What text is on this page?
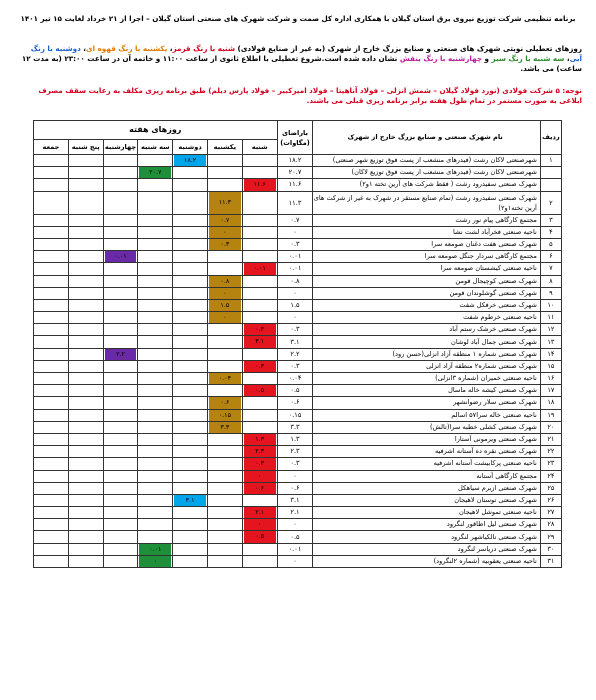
برنامه تنظیمی شرکت توزیع نیروی برق استان گیلان با همکاری اداره کل صمت و شرکت شهرک های صنعتی استان گیلان – اجرا از ۲۱ خرداد لغایت ۱۵ تیر ۱۴۰۱
روزهای تعطیلی نوبتی شهرک های صنعتی و صنایع بزرگ خارج از شهرک (به غیر از صنایع فولادی) شنبه با رنگ قرمز، یکشنبه با رنگ قهوه ای، دوشنبه با رنگ آبی، سه شنبه با رنگ سبز و چهارشنبه با رنگ بنفش نشان داده شده است.شروع تعطیلی با اطلاع ثانوی از ساعت ۱۱:۰۰ و خاتمه آن در ساعت ۲۳:۰۰ (به مدت ۱۲ ساعت) می باشد.
نوجه: ۵ شرکت فولادی (نورد فولاد گیلان – شمش انزلی – فولاد آناهیتا – فولاد امیرکبیر – فولاد پارس دیلم) طبق برنامه ریزی مکلف به رعایت سقف مصرف ابلاغی به صورت مستمر در تمام طول هفته برابر برنامه ریزی قبلی می باشند.
ردیف	نام شهرک صنعتی و صنایع بزرگ خارج از شهرک	باراضای (مگاوات)	روزهای هفته						
			شنبه	یکشنبه	دوشنبه	سه شنبه	چهارشنبه	پنج شنبه	جمعه
۱	شهرصنعتی لاکان رشت (فیدرهای منشعب از پست فوق توزیع شهر صنعتی)	۱۸.۲			۱۸.۲				

	شهرصنعتی لاکان رشت (فیدرهای منشعب از پست فوق توزیع لاکان)	۲۰.۷				۲۰.۷			

	شهرک صنعتی سفیدرود رشت ( فقط شرکت های آرین تخته ۱و۲)	۱۱.۶	۱۱.۶						

۲	شهرک صنعتی سفیدرود رشت (تمام صنایع مستقر در شهرک به غیر از شرکت های آرین تخته۱و۲)	۱۱.۳		۱۱.۳					

۳	مجتمع کارگاهی پیام نور رشت	۰.۷		۰.۷					

۴	ناحیه صنعتی فخرآباد لشت نشا	۰		۰					

۵	شهرک صنعتی هفت دغنان صومعه سرا	۰.۳		۰.۳					

۶	مجتمع کارگاهی سردار جنگل صومعه سرا	۰.۰۱					۰.۰۱		

۷	ناحیه صنعتی کیشستان صومعه سرا	۰.۰۱	۰.۰۱						

۸	شهرک صنعتی کوچیجال فومن	۰.۸		۰.۸					

۹	شهرک صنعتی گوشلوندان فومن	۰		۰					

۱۰	شهرک صنعتی خرفکل شفت	۱.۵		۱.۵					

۱۱	ناحیه صنعتی خرطوم شفت	۰		۰					

۱۲	شهرک صنعتی خرشک رستم آباد	۰.۳	۰.۳						

۱۳	شهرک صنعتی جمال آباد لوشان	۳.۱	۳.۱						

۱۴	شهرک صنعتی شماره ۱ منطقه آزاد انزلی(حسن رود)	۲.۲					۲.۲		

۱۵	شهرک صنعتی شماره۲ منطقه آزاد انزلی	۰.۳	۰.۳						

۱۶	ناحیه صنعتی خمیران (شماره ۳انزلی)	۰.۰۴		۰.۰۴					

۱۷	شهرک صنعتی کیشه خاله ماسال	۰.۵	۰.۵						

۱۸	شهرک صنعتی سلار رضوانشهر	۰.۶		۰.۶					

۱۹	ناحیه صنعتی خاله سرا۵۷ اسالم	۰.۱۵		۰.۱۵					

۲۰	شهرک صنعتی کشلی خطبه سرا(تالش)	۳.۳		۳.۳					

۲۱	شهرک صنعتی ویرمونی آستارا	۱.۳	۱.۳						

۲۲	شهرک صنعتی نقره ده آستانه اشرفیه	۲.۳	۲.۳						

۲۳	ناحیه صنعتی پرکابیشت آستانه اشرفیه	۰.۳	۰.۳						

۲۴	مجتمع کارگاهی آستانه	۰	۰						

۲۵	شهرک صنعتی ازبرم سیاهکل	۰.۶	۰.۶						

۲۶	شهرک صنعتی توستان لاهیجان	۳.۱			۳.۱				

۲۷	ناحیه صنعتی تموشل لاهیجان	۲.۱	۲.۱						

۲۸	شهرک صنعتی لیل اطاقور لنگرود	۰	۰						

۲۹	شهرک صنعتی نالکیاشهر لنگرود	۰.۵	۰.۵						

۳۰	شهرک صنعتی دریاسر لنگرود	۰.۰۱				۰.۰۱			

۳۱	ناحیه صنعتی یعقوبیه (شماره ۲لنگرود)	۰				۰			
